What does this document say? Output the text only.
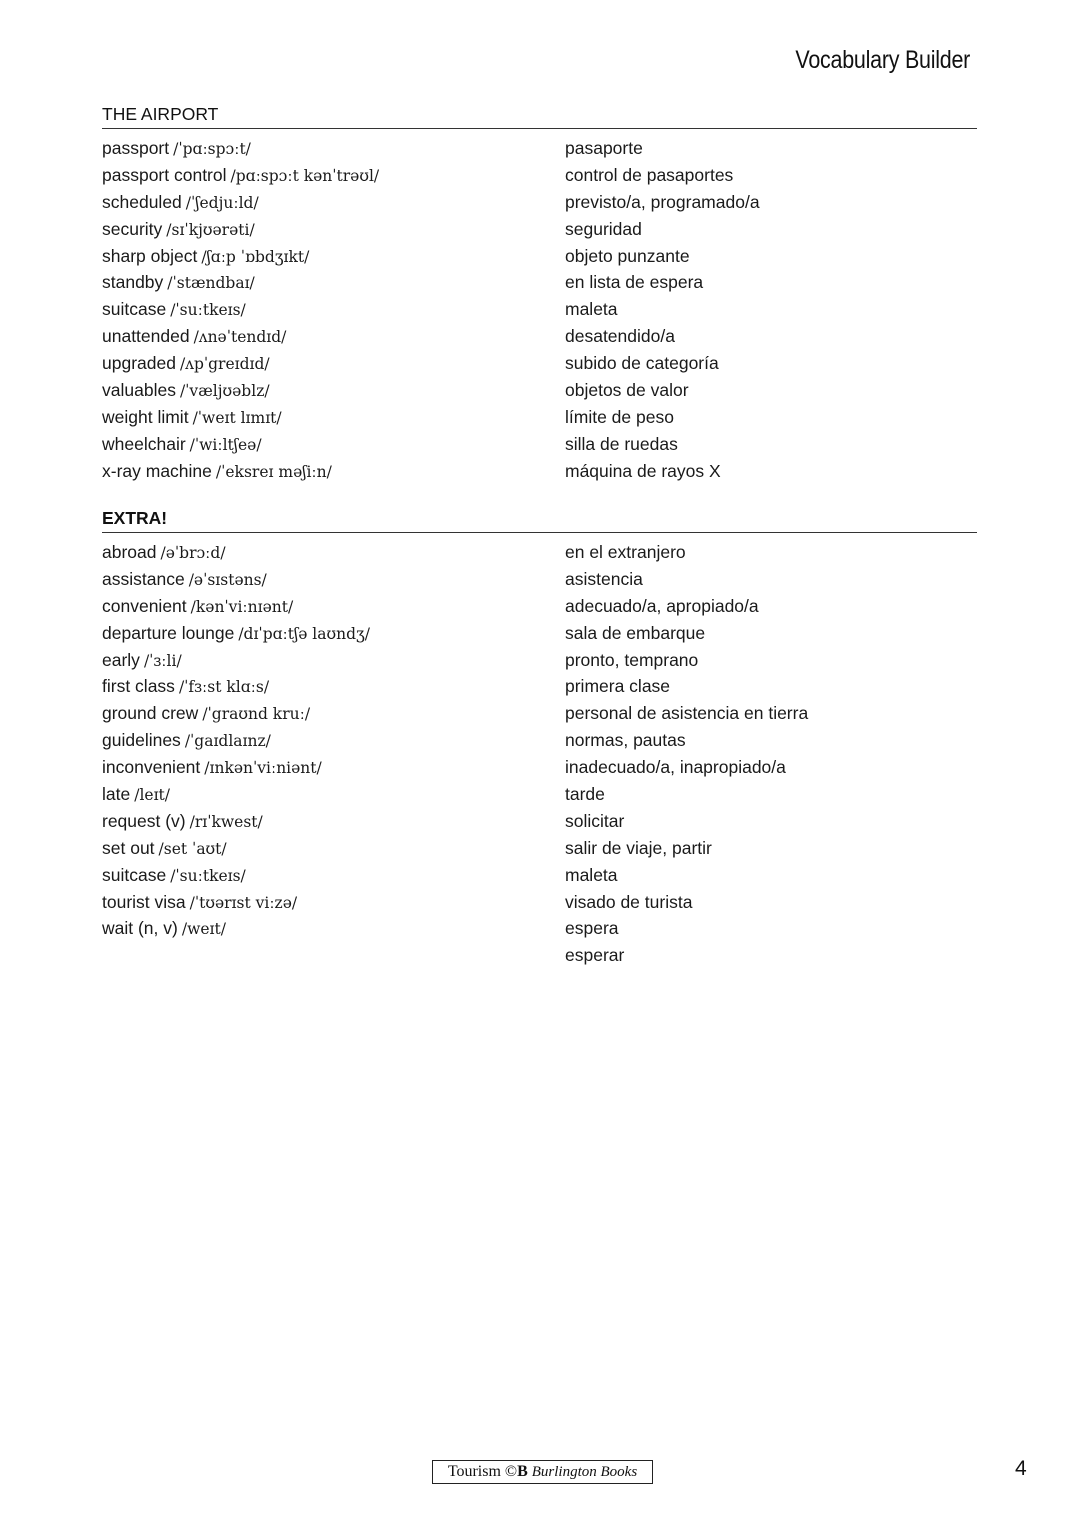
Vocabulary Builder
THE AIRPORT
passport /ˈpɑːspɔːt/	pasaporte
passport control /pɑːspɔːt kənˈtrəʊl/	control de pasaportes
scheduled /ˈʃedjuːld/	previsto/a, programado/a
security /sɪˈkjʊərəti/	seguridad
sharp object /ʃɑːp ˈɒbdʒɪkt/	objeto punzante
standby /ˈstændbaɪ/	en lista de espera
suitcase /ˈsuːtkeɪs/	maleta
unattended /ʌnəˈtendɪd/	desatendido/a
upgraded /ʌpˈgreɪdɪd/	subido de categoría
valuables /ˈvæljʊəblz/	objetos de valor
weight limit /ˈweɪt lɪmɪt/	límite de peso
wheelchair /ˈwiːltʃeə/	silla de ruedas
x-ray machine /ˈeksreɪ məʃiːn/	máquina de rayos X
EXTRA!
abroad /əˈbrɔːd/	en el extranjero
assistance /əˈsɪstəns/	asistencia
convenient /kənˈviːnɪənt/	adecuado/a, apropiado/a
departure lounge /dɪˈpɑːtʃə laʊndʒ/	sala de embarque
early /ˈɜːli/	pronto, temprano
first class /ˈfɜːst klɑːs/	primera clase
ground crew /ˈgraʊnd kruː/	personal de asistencia en tierra
guidelines /ˈgaɪdlaɪnz/	normas, pautas
inconvenient /ɪnkənˈviːniənt/	inadecuado/a, inapropiado/a
late /leɪt/	tarde
request (v) /rɪˈkwest/	solicitar
set out /set ˈaʊt/	salir de viaje, partir
suitcase /ˈsuːtkeɪs/	maleta
tourist visa /ˈtʊərɪst viːzə/	visado de turista
wait (n, v) /weɪt/	espera
esperar
Tourism ©B Burlington Books	4
